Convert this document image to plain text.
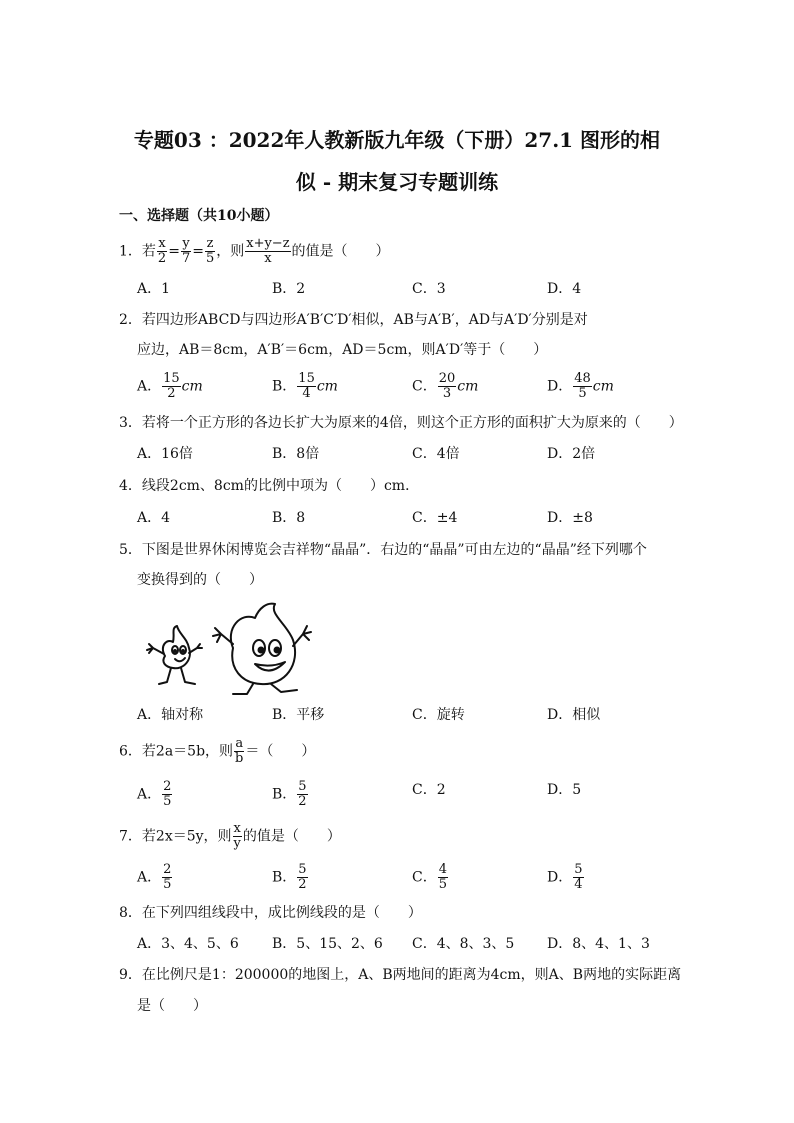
专题03 ：2022年人教新版九年级（下册）27.1 图形的相
似 - 期末复习专题训练
一、选择题（共10小题）
1．若 $\frac{x}{2} = \frac{y}{7} = \frac{z}{5}$ ，则 $\frac{x+y-z}{x}$ 的值是（　　）
A．1	B．2	C．3	D．4
2．若四边形ABCD与四边形A′B′C′D′相似，AB与A′B′，AD与A′D′分别是对
应边，AB＝8cm，A′B′＝6cm，AD＝5cm，则A′D′等于（　　）
A． $\frac{15}{2}$ cm	B． $\frac{15}{4}$ cm	C． $\frac{20}{3}$ cm	D． $\frac{48}{5}$ cm
3．若将一个正方形的各边长扩大为原来的4倍，则这个正方形的面积扩大为原来的（　　）
A．16倍	B．8倍	C．4倍	D．2倍
4．线段2cm、8cm的比例中项为（　　）cm．
A．4	B．8	C．±4	D．±8
5．下图是世界休闲博览会吉祥物“晶晶”．右边的“晶晶”可由左边的“晶晶”经下列哪个
变换得到的（　　）
A．轴对称	B．平移	C．旋转	D．相似
6．若2a＝5b，则 $\frac{a}{b}$ ＝（　　）
A． $\frac{2}{5}$	B． $\frac{5}{2}$	C．2	D．5
7．若2x＝5y，则 $\frac{x}{y}$ 的值是（　　）
A． $\frac{2}{5}$	B． $\frac{5}{2}$	C． $\frac{4}{5}$	D． $\frac{5}{4}$
8．在下列四组线段中，成比例线段的是（　　）
A．3、4、5、6 B．5、15、2、6 C．4、8、3、5 D．8、4、1、3
9．在比例尺是1：200000的地图上，A、B两地间的距离为4cm，则A、B两地的实际距离
是（　　）
